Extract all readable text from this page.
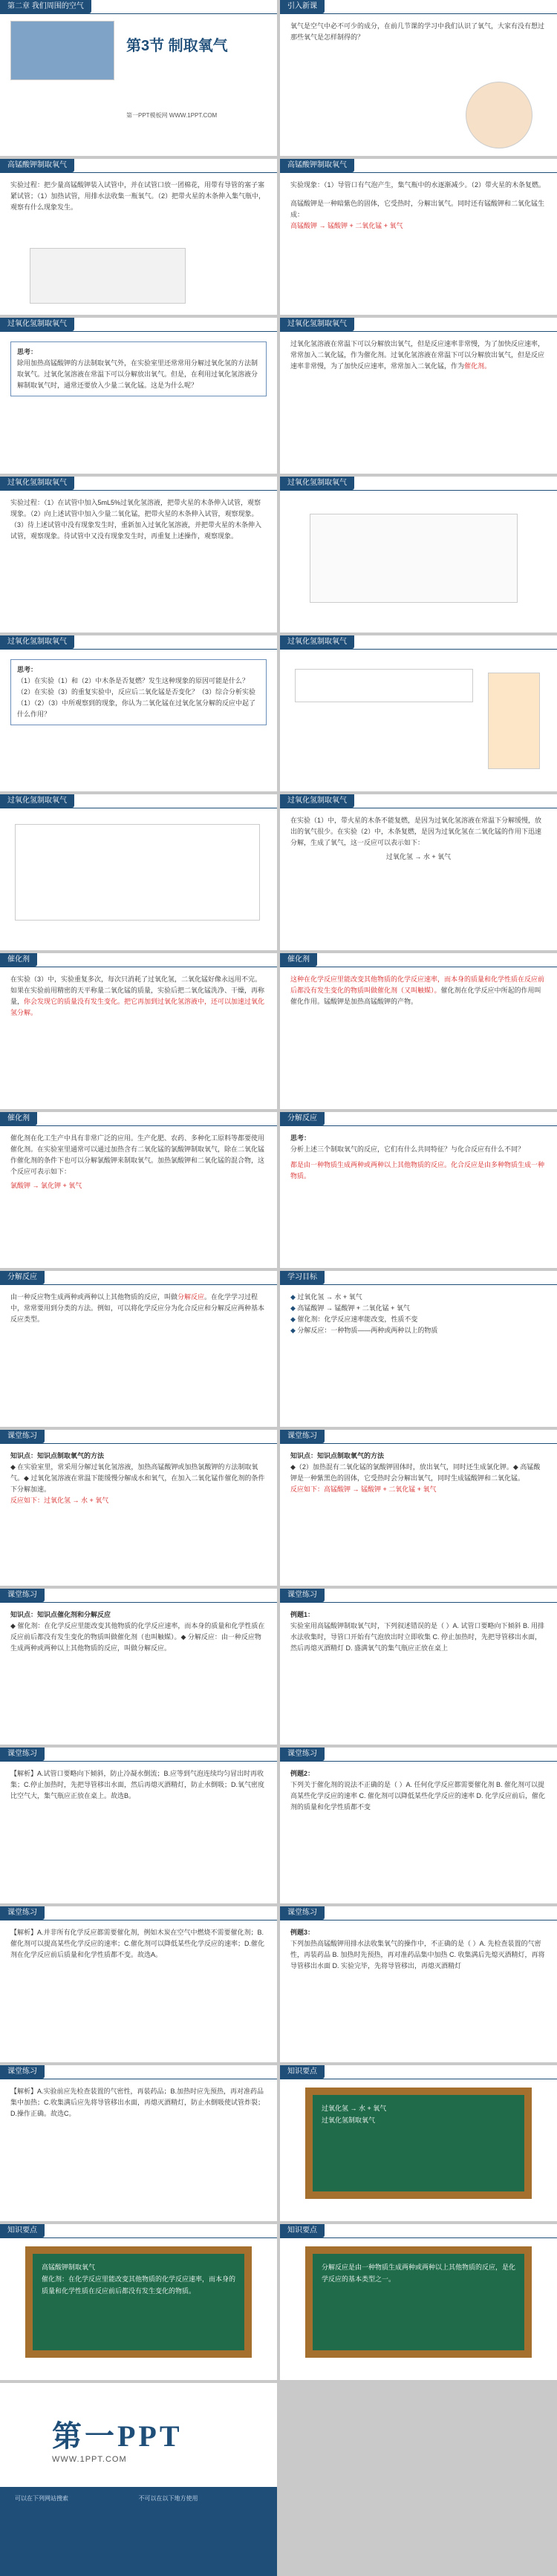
第二章 我们周围的空气
第3节 制取氧气
第一PPT模板网 WWW.1PPT.COM
引入新课
氧气是空气中必不可少的成分，在前几节课的学习中我们认识了氧气，大家有没有想过那些氧气是怎样制得的？
高锰酸钾制取氧气
实验过程：把少量高锰酸钾装入试管中，并在试管口放一团棉花，用带有导管的塞子塞紧试管；（1）加热试管，用排水法收集一瓶氧气。（2）把带火星的木条伸入集气瓶中，观察有什么现象发生。
高锰酸钾制取氧气

实验现象：（1）导管口有气泡产生，集气瓶中的水逐渐减少。（2）带火星的木条复燃。

高锰酸钾是一种暗紫色的固体，它受热时，分解出氧气。同时还有锰酸钾和二氧化锰生成：

高锰酸钾 → 锰酸钾 + 二氧化锰 + 氧气

过氧化氢制取氧气
思考：

除用加热高锰酸钾的方法制取氧气外，在实验室里还常常用分解过氧化氢的方法制取氧气。过氧化氢溶液在常温下可以分解放出氧气。但是，在利用过氧化氢溶液分解制取氧气时，通常还要放入少量二氧化锰。这是为什么呢？

过氧化氢制取氧气
过氧化氢溶液在常温下可以分解放出氧气，但是反应速率非常慢，为了加快反应速率，常常加入二氧化锰，作为催化剂。过氧化氢溶液在常温下可以分解放出氧气，但是反应速率非常慢，为了加快反应速率，常常加入二氧化锰，作为催化剂。
过氧化氢制取氧气
实验过程：（1）在试管中加入5mL5%过氧化氢溶液，把带火星的木条伸入试管，观察现象。（2）向上述试管中加入少量二氧化锰，把带火星的木条伸入试管，观察现象。（3）待上述试管中没有现象发生时，重新加入过氧化氢溶液，并把带火星的木条伸入试管，观察现象。待试管中又没有现象发生时，再重复上述操作，观察现象。
过氧化氢制取氧气
过氧化氢制取氧气
思考：

（1）在实验（1）和（2）中木条是否复燃？发生这种现象的原因可能是什么？（2）在实验（3）的重复实验中，反应后二氧化锰是否变化？（3）综合分析实验（1）（2）（3）中所观察到的现象，你认为二氧化锰在过氧化氢分解的反应中起了什么作用？

过氧化氢制取氧气
过氧化氢制取氧气	过氧化氢制取氧气

在实验（1）中，带火星的木条不能复燃，是因为过氧化氢溶液在常温下分解缓慢，放出的氧气很少。在实验（2）中，木条复燃，是因为过氧化氢在二氧化锰的作用下迅速分解，生成了氧气，这一反应可以表示如下：

过氧化氢 → 水 + 氧气

催化剂
在实验（3）中，实验重复多次，每次只消耗了过氧化氢，二氧化锰好像永远用不完。如果在实验前用精密的天平称量二氧化锰的质量，实验后把二氧化锰洗净、干燥，再称量，你会发现它的质量没有发生变化。把它再加到过氧化氢溶液中，还可以加速过氧化氢分解。
催化剂
这种在化学反应里能改变其他物质的化学反应速率，而本身的质量和化学性质在反应前后都没有发生变化的物质叫做催化剂（又叫触媒）。催化剂在化学反应中所起的作用叫催化作用。锰酸钾是加热高锰酸钾的产物。
催化剂

催化剂在化工生产中具有非常广泛的应用。生产化肥、农药、多种化工原料等都要使用催化剂。在实验室里通常可以通过加热含有二氧化锰的氯酸钾制取氧气，除在二氧化锰作催化剂的条件下也可以分解氯酸钾来制取氧气。加热氯酸钾和二氧化锰的混合物，这个反应可表示如下：

氯酸钾 → 氯化钾 + 氧气

分解反应
思考：

分析上述三个制取氧气的反应，它们有什么共同特征？与化合反应有什么不同？

都是由一种物质生成两种或两种以上其他物质的反应。化合反应是由多种物质生成一种物质。

分解反应
由一种反应物生成两种或两种以上其他物质的反应，叫做分解反应。在化学学习过程中，常常要用到分类的方法。例如，可以将化学反应分为化合反应和分解反应两种基本反应类型。
学习目标
◆ 过氧化氢 → 水 + 氧气
◆ 高锰酸钾 → 锰酸钾 + 二氧化锰 + 氧气
◆ 催化剂：化学反应速率能改变，性质不变
◆ 分解反应：一种物质——两种或两种以上的物质
课堂练习
知识点：知识点制取氧气的方法

◆ 在实验室里，常采用分解过氧化氢溶液，加热高锰酸钾或加热氯酸钾的方法制取氧气。◆ 过氧化氢溶液在常温下能缓慢分解成水和氧气，在加入二氧化锰作催化剂的条件下分解加速。

反应如下：过氧化氢 → 水 + 氧气

课堂练习
知识点：知识点制取氧气的方法

◆（2）加热混有二氧化锰的氯酸钾固体时，放出氧气，同时还生成氯化钾。◆ 高锰酸钾是一种紫黑色的固体，它受热时会分解出氧气，同时生成锰酸钾和二氧化锰。

反应如下：高锰酸钾 → 锰酸钾 + 二氧化锰 + 氧气

课堂练习
知识点：知识点催化剂和分解反应

◆ 催化剂：在化学反应里能改变其他物质的化学反应速率，而本身的质量和化学性质在反应前后都没有发生变化的物质叫做催化剂（也叫触媒）。◆ 分解反应：由一种反应物生成两种或两种以上其他物质的反应，叫做分解反应。

课堂练习
例题1：

实验室用高锰酸钾制取氧气时，下列叙述错误的是（ ）A. 试管口要略向下倾斜 B. 用排水法收集时，导管口开始有气泡放出时立即收集 C. 停止加热时，先把导管移出水面，然后再熄灭酒精灯 D. 盛满氧气的集气瓶应正放在桌上

课堂练习
【解析】A.试管口要略向下倾斜，防止冷凝水倒流；B.应等到气泡连续均匀冒出时再收集；C.停止加热时，先把导管移出水面，然后再熄灭酒精灯，防止水倒吸；D.氧气密度比空气大，集气瓶应正放在桌上。故选B。
课堂练习
例题2：

下列关于催化剂的说法不正确的是（ ）A. 任何化学反应都需要催化剂 B. 催化剂可以提高某些化学反应的速率 C. 催化剂可以降低某些化学反应的速率 D. 化学反应前后，催化剂的质量和化学性质都不变

课堂练习
【解析】A.并非所有化学反应都需要催化剂，例如木炭在空气中燃烧不需要催化剂；B.催化剂可以提高某些化学反应的速率；C.催化剂可以降低某些化学反应的速率；D.催化剂在化学反应前后质量和化学性质都不变。故选A。
课堂练习
例题3：

下列加热高锰酸钾用排水法收集氧气的操作中，不正确的是（ ）A. 先检查装置的气密性，再装药品 B. 加热时先预热，再对准药品集中加热 C. 收集满后先熄灭酒精灯，再将导管移出水面 D. 实验完毕，先将导管移出，再熄灭酒精灯

课堂练习
【解析】A.实验前应先检查装置的气密性，再装药品；B.加热时应先预热，再对准药品集中加热；C.收集满后应先将导管移出水面，再熄灭酒精灯，防止水倒吸使试管炸裂；D.操作正确。故选C。
知识要点

过氧化氢 → 水 + 氧气

过氧化氢制取氧气

知识要点

高锰酸钾制取氧气

催化剂：在化学反应里能改变其他物质的化学反应速率，而本身的质量和化学性质在反应前后都没有发生变化的物质。

知识要点

分解反应是由一种物质生成两种或两种以上其他物质的反应，是化学反应的基本类型之一。

第一PPT
WWW.1PPT.COM
可以在下列网站搜索	不可以在以下地方使用
